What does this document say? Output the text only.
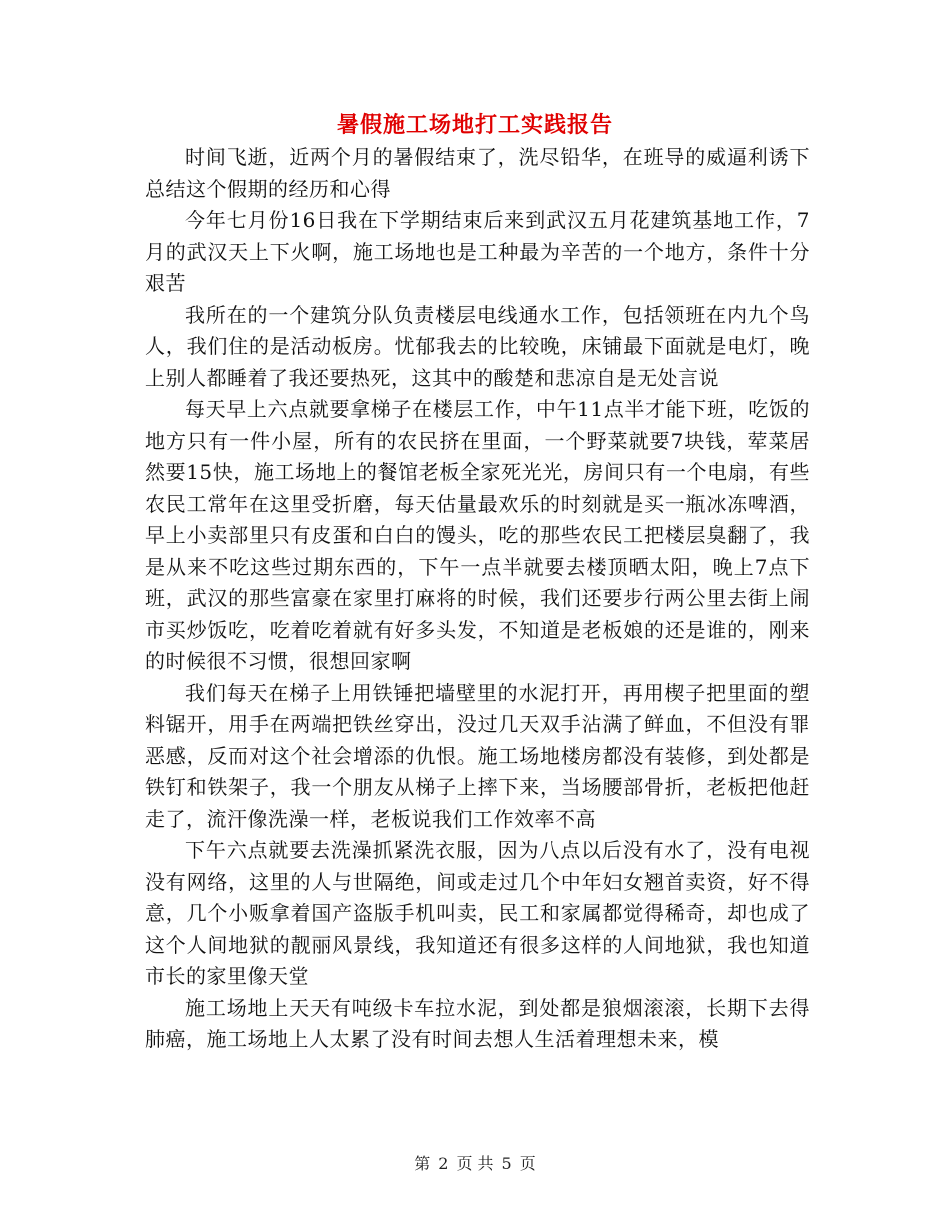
暑假施工场地打工实践报告

时间飞逝，近两个月的暑假结束了，洗尽铅华，在班导的威逼利诱下总结这个假期的经历和心得

今年七月份16日我在下学期结束后来到武汉五月花建筑基地工作，7月的武汉天上下火啊，施工场地也是工种最为辛苦的一个地方，条件十分艰苦

我所在的一个建筑分队负责楼层电线通水工作，包括领班在内九个鸟人，我们住的是活动板房。忧郁我去的比较晚，床铺最下面就是电灯，晚上别人都睡着了我还要热死，这其中的酸楚和悲凉自是无处言说

每天早上六点就要拿梯子在楼层工作，中午11点半才能下班，吃饭的地方只有一件小屋，所有的农民挤在里面，一个野菜就要7块钱，荤菜居然要15快，施工场地上的餐馆老板全家死光光，房间只有一个电扇，有些农民工常年在这里受折磨，每天估量最欢乐的时刻就是买一瓶冰冻啤酒，早上小卖部里只有皮蛋和白白的馒头，吃的那些农民工把楼层臭翻了，我是从来不吃这些过期东西的，下午一点半就要去楼顶晒太阳，晚上7点下班，武汉的那些富豪在家里打麻将的时候，我们还要步行两公里去街上闹市买炒饭吃，吃着吃着就有好多头发，不知道是老板娘的还是谁的，刚来的时候很不习惯，很想回家啊

我们每天在梯子上用铁锤把墙壁里的水泥打开，再用楔子把里面的塑料锯开，用手在两端把铁丝穿出，没过几天双手沾满了鲜血，不但没有罪恶感，反而对这个社会增添的仇恨。施工场地楼房都没有装修，到处都是铁钉和铁架子，我一个朋友从梯子上摔下来，当场腰部骨折，老板把他赶走了，流汗像洗澡一样，老板说我们工作效率不高

下午六点就要去洗澡抓紧洗衣服，因为八点以后没有水了，没有电视没有网络，这里的人与世隔绝，间或走过几个中年妇女翘首卖资，好不得意，几个小贩拿着国产盗版手机叫卖，民工和家属都觉得稀奇，却也成了这个人间地狱的靓丽风景线，我知道还有很多这样的人间地狱，我也知道市长的家里像天堂

施工场地上天天有吨级卡车拉水泥，到处都是狼烟滚滚，长期下去得肺癌，施工场地上人太累了没有时间去想人生活着理想未来，模

第 2 页 共 5 页
